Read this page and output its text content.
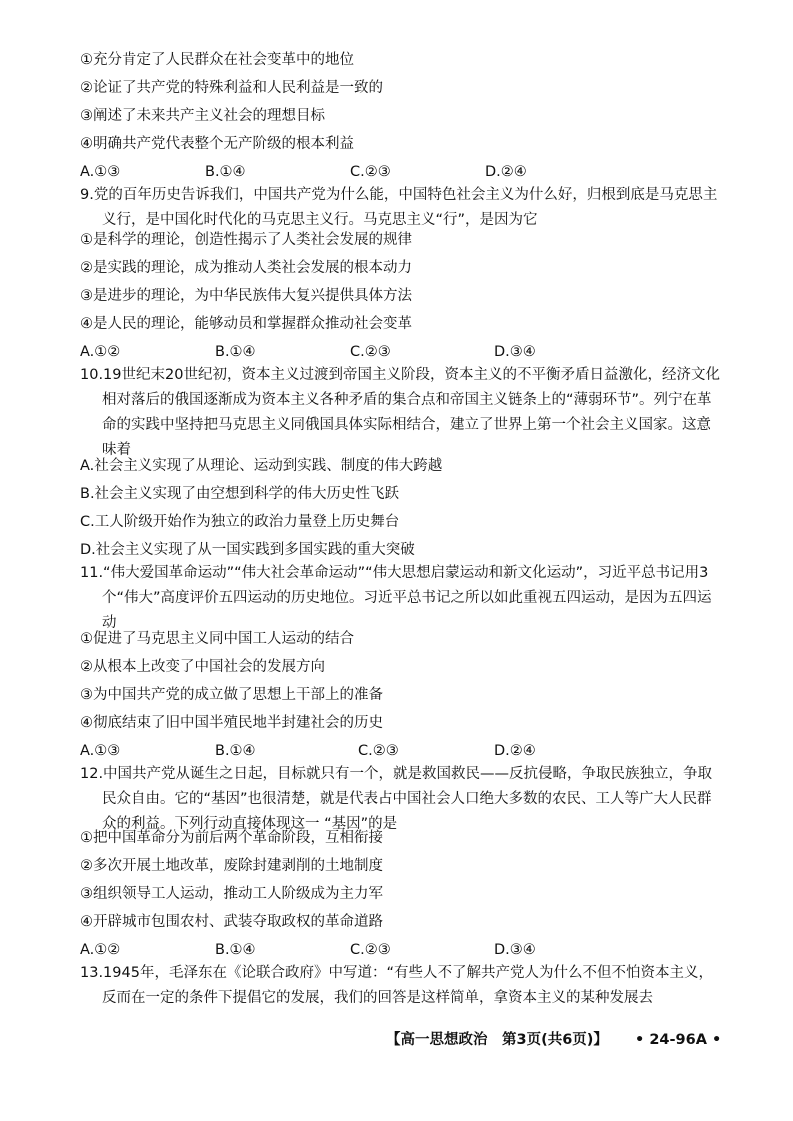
①充分肯定了人民群众在社会变革中的地位
②论证了共产党的特殊利益和人民利益是一致的
③阐述了未来共产主义社会的理想目标
④明确共产党代表整个无产阶级的根本利益
A.①③	B.①④	C.②③	D.②④
9.党的百年历史告诉我们，中国共产党为什么能，中国特色社会主义为什么好，归根到底是马克思主义行，是中国化时代化的马克思主义行。马克思主义“行”，是因为它
①是科学的理论，创造性揭示了人类社会发展的规律
②是实践的理论，成为推动人类社会发展的根本动力
③是进步的理论，为中华民族伟大复兴提供具体方法
④是人民的理论，能够动员和掌握群众推动社会变革
A.①②	B.①④	C.②③	D.③④
10.19世纪末20世纪初，资本主义过渡到帝国主义阶段，资本主义的不平衡矛盾日益激化，经济文化相对落后的俄国逐渐成为资本主义各种矛盾的集合点和帝国主义链条上的“薄弱环节”。列宁在革命的实践中坚持把马克思主义同俄国具体实际相结合，建立了世界上第一个社会主义国家。这意味着
A.社会主义实现了从理论、运动到实践、制度的伟大跨越
B.社会主义实现了由空想到科学的伟大历史性飞跃
C.工人阶级开始作为独立的政治力量登上历史舞台
D.社会主义实现了从一国实践到多国实践的重大突破
11.“伟大爱国革命运动”“伟大社会革命运动”“伟大思想启蒙运动和新文化运动”，习近平总书记用3个“伟大”高度评价五四运动的历史地位。习近平总书记之所以如此重视五四运动，是因为五四运动
①促进了马克思主义同中国工人运动的结合
②从根本上改变了中国社会的发展方向
③为中国共产党的成立做了思想上干部上的准备
④彻底结束了旧中国半殖民地半封建社会的历史
A.①③	B.①④	C.②③	D.②④
12.中国共产党从诞生之日起，目标就只有一个，就是救国救民——反抗侵略，争取民族独立，争取民众自由。它的“基因”也很清楚，就是代表占中国社会人口绝大多数的农民、工人等广大人民群众的利益。下列行动直接体现这一 “基因”的是
①把中国革命分为前后两个革命阶段，互相衔接
②多次开展土地改革，废除封建剥削的土地制度
③组织领导工人运动，推动工人阶级成为主力军
④开辟城市包围农村、武装夺取政权的革命道路
A.①②	B.①④	C.②③	D.③④
13.1945年，毛泽东在《论联合政府》中写道：“有些人不了解共产党人为什么不但不怕资本主义，反而在一定的条件下提倡它的发展，我们的回答是这样简单，拿资本主义的某种发展去
【高一思想政治　第3页(共6页)】 • 24-96A •
